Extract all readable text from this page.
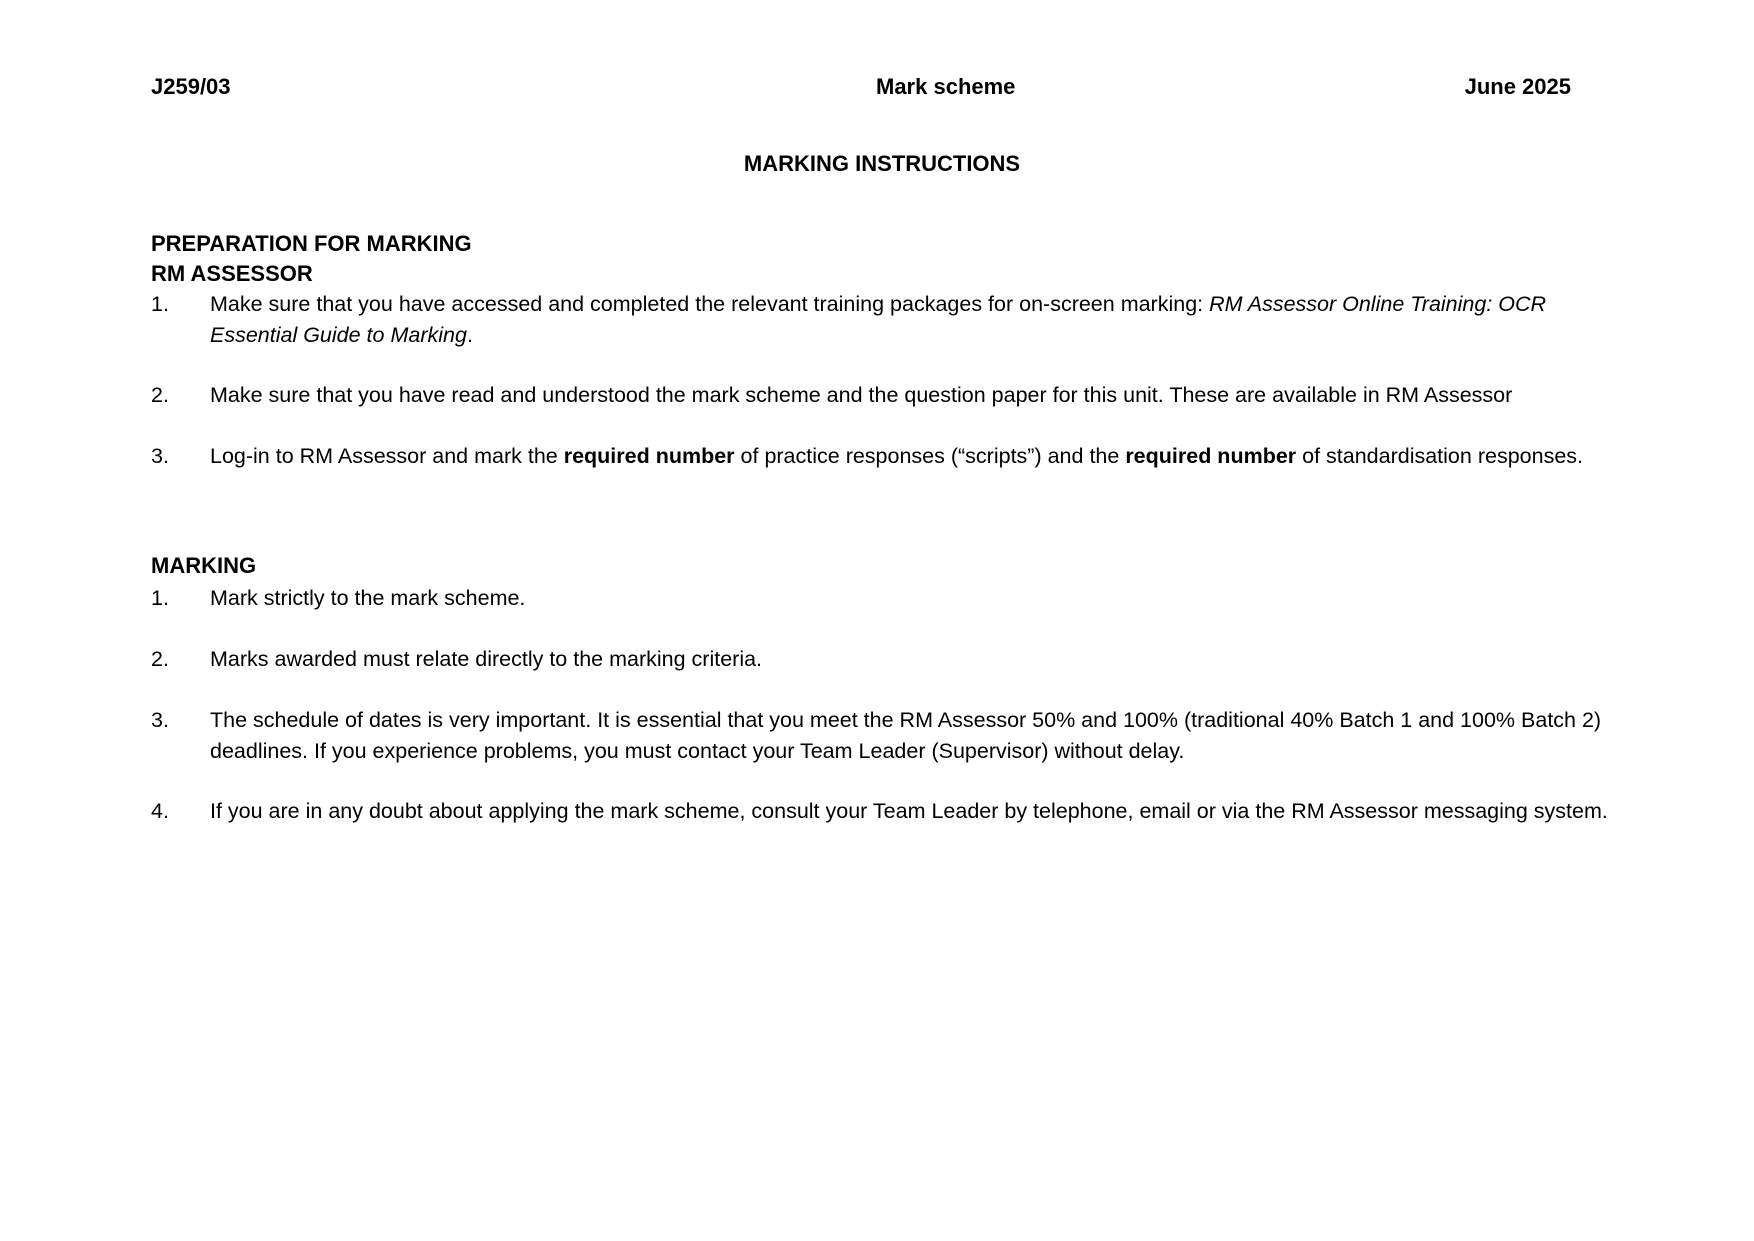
J259/03	Mark scheme	June 2025
MARKING INSTRUCTIONS
PREPARATION FOR MARKING
RM ASSESSOR
1. Make sure that you have accessed and completed the relevant training packages for on-screen marking: RM Assessor Online Training: OCR Essential Guide to Marking.
2. Make sure that you have read and understood the mark scheme and the question paper for this unit. These are available in RM Assessor
3. Log-in to RM Assessor and mark the required number of practice responses (“scripts”) and the required number of standardisation responses.
MARKING
1. Mark strictly to the mark scheme.
2. Marks awarded must relate directly to the marking criteria.
3. The schedule of dates is very important. It is essential that you meet the RM Assessor 50% and 100% (traditional 40% Batch 1 and 100% Batch 2) deadlines. If you experience problems, you must contact your Team Leader (Supervisor) without delay.
4. If you are in any doubt about applying the mark scheme, consult your Team Leader by telephone, email or via the RM Assessor messaging system.
